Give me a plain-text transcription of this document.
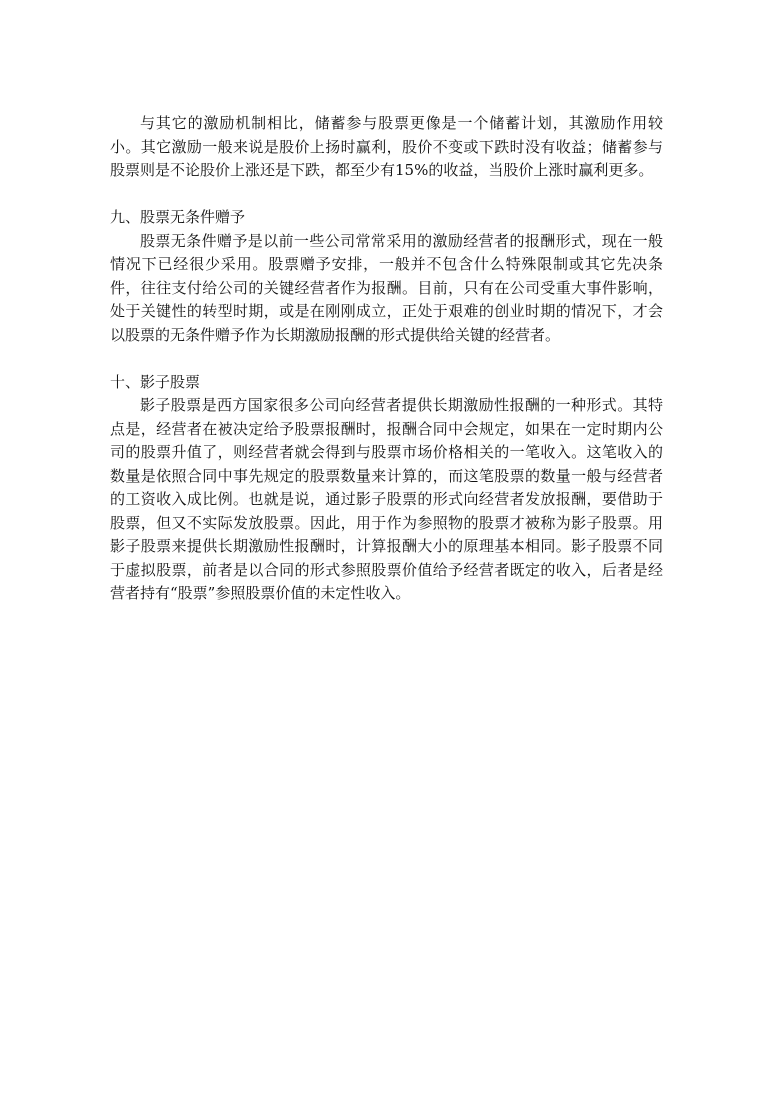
与其它的激励机制相比，储蓄参与股票更像是一个储蓄计划，其激励作用较小。其它激励一般来说是股价上扬时赢利，股价不变或下跌时没有收益；储蓄参与股票则是不论股价上涨还是下跌，都至少有15%的收益，当股价上涨时赢利更多。

九、股票无条件赠予

股票无条件赠予是以前一些公司常常采用的激励经营者的报酬形式，现在一般情况下已经很少采用。股票赠予安排，一般并不包含什么特殊限制或其它先决条件，往往支付给公司的关键经营者作为报酬。目前，只有在公司受重大事件影响，处于关键性的转型时期，或是在刚刚成立，正处于艰难的创业时期的情况下，才会以股票的无条件赠予作为长期激励报酬的形式提供给关键的经营者。

十、影子股票

影子股票是西方国家很多公司向经营者提供长期激励性报酬的一种形式。其特点是，经营者在被决定给予股票报酬时，报酬合同中会规定，如果在一定时期内公司的股票升值了，则经营者就会得到与股票市场价格相关的一笔收入。这笔收入的数量是依照合同中事先规定的股票数量来计算的，而这笔股票的数量一般与经营者的工资收入成比例。也就是说，通过影子股票的形式向经营者发放报酬，要借助于股票，但又不实际发放股票。因此，用于作为参照物的股票才被称为影子股票。用影子股票来提供长期激励性报酬时，计算报酬大小的原理基本相同。影子股票不同于虚拟股票，前者是以合同的形式参照股票价值给予经营者既定的收入，后者是经营者持有“股票”参照股票价值的未定性收入。
